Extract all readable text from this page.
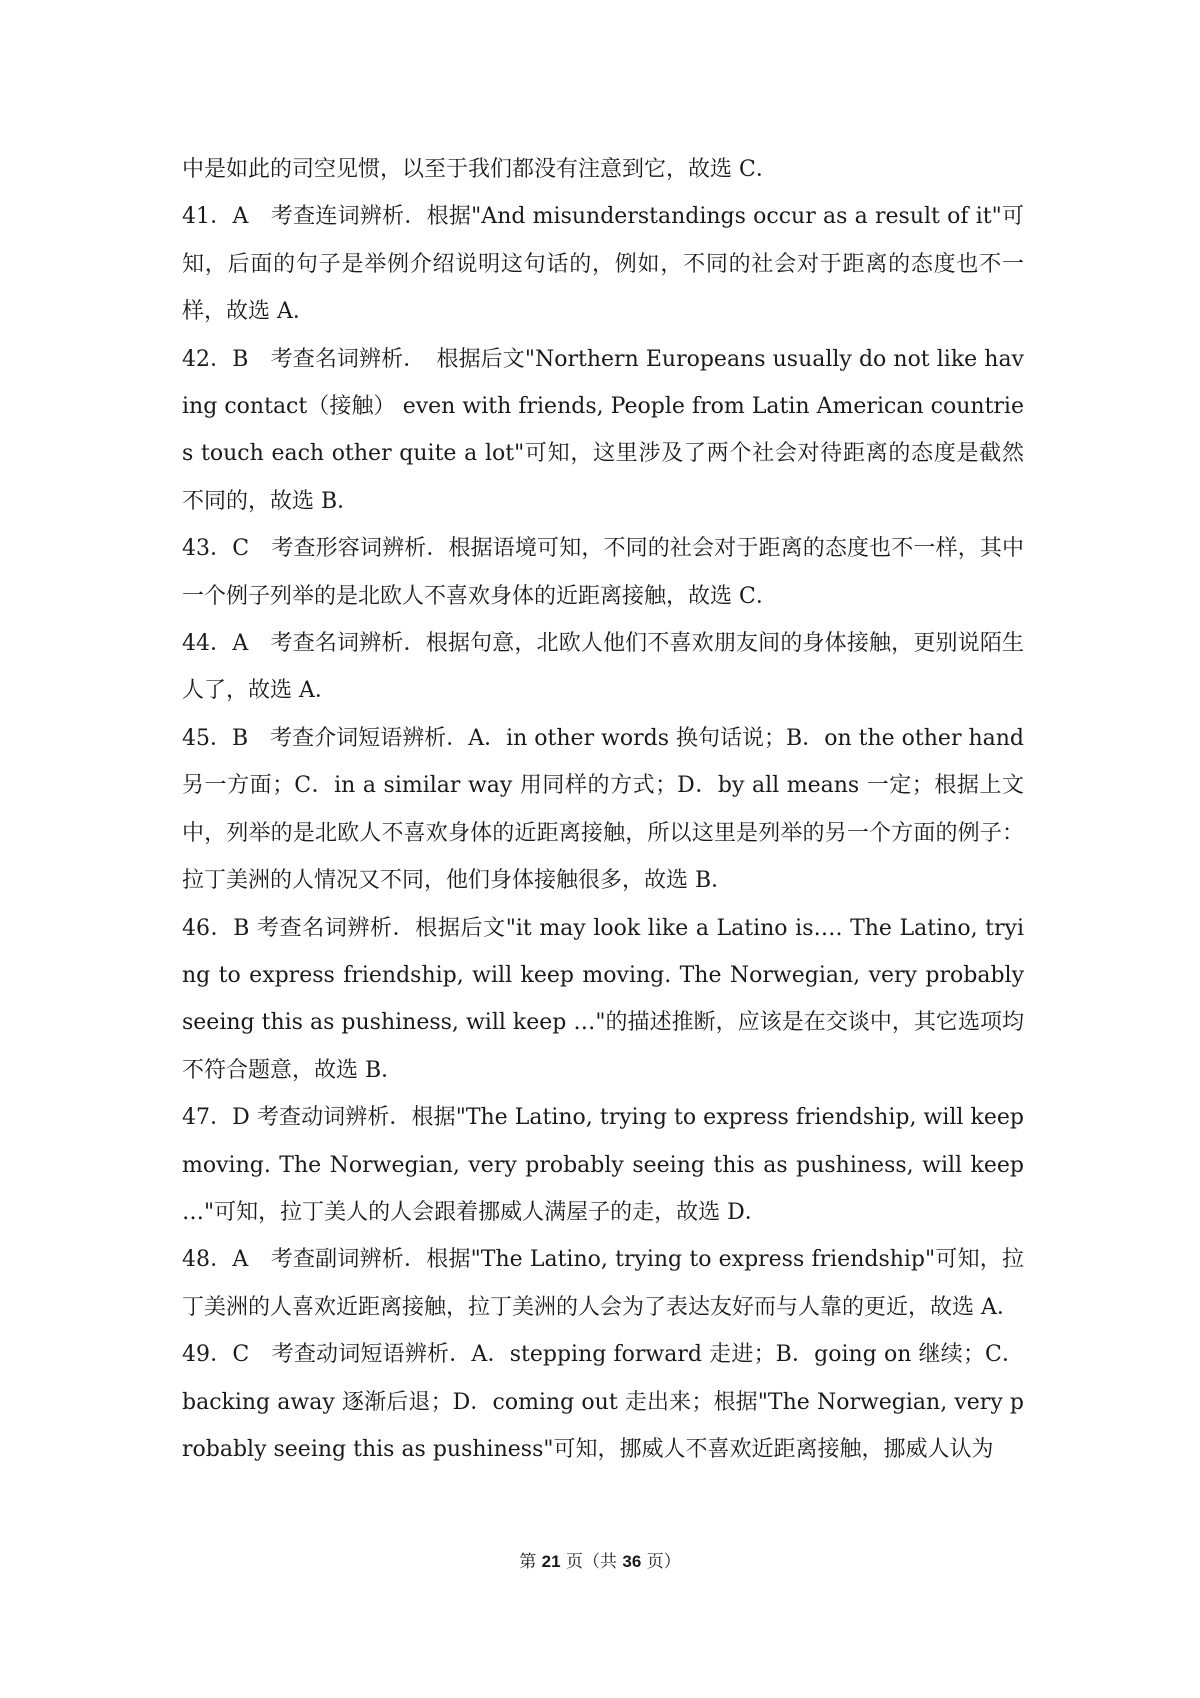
中是如此的司空见惯，以至于我们都没有注意到它，故选 C．

41．A　考查连词辨析．根据"And misunderstandings occur as a result of it"可知，后面的句子是举例介绍说明这句话的，例如，不同的社会对于距离的态度也不一样，故选 A．

42．B　考查名词辨析．　根据后文"Northern Europeans usually do not like having contact（接触） even with friends, People from Latin American countries touch each other quite a lot"可知，这里涉及了两个社会对待距离的态度是截然不同的，故选 B．

43．C　考查形容词辨析．根据语境可知，不同的社会对于距离的态度也不一样，其中一个例子列举的是北欧人不喜欢身体的近距离接触，故选 C．

44．A　考查名词辨析．根据句意，北欧人他们不喜欢朋友间的身体接触，更别说陌生人了，故选 A．

45．B　考查介词短语辨析．A．in other words 换句话说；B．on the other hand 另一方面；C．in a similar way 用同样的方式；D．by all means 一定；根据上文中，列举的是北欧人不喜欢身体的近距离接触，所以这里是列举的另一个方面的例子：拉丁美洲的人情况又不同，他们身体接触很多，故选 B．

46．B 考查名词辨析．根据后文"it may look like a Latino is…. The Latino, trying to express friendship, will keep moving. The Norwegian, very probably seeing this as pushiness, will keep …"的描述推断，应该是在交谈中，其它选项均不符合题意，故选 B．

47．D 考查动词辨析．根据"The Latino, trying to express friendship, will keep moving. The Norwegian, very probably seeing this as pushiness, will keep …"可知，拉丁美人的人会跟着挪威人满屋子的走，故选 D．

48．A　考查副词辨析．根据"The Latino, trying to express friendship"可知，拉丁美洲的人喜欢近距离接触，拉丁美洲的人会为了表达友好而与人靠的更近，故选 A．

49．C　考查动词短语辨析．A．stepping forward 走进；B．going on 继续；C．backing away 逐渐后退；D．coming out 走出来；根据"The Norwegian, very probably seeing this as pushiness"可知，挪威人不喜欢近距离接触，挪威人认为

第 21 页（共 36 页）
